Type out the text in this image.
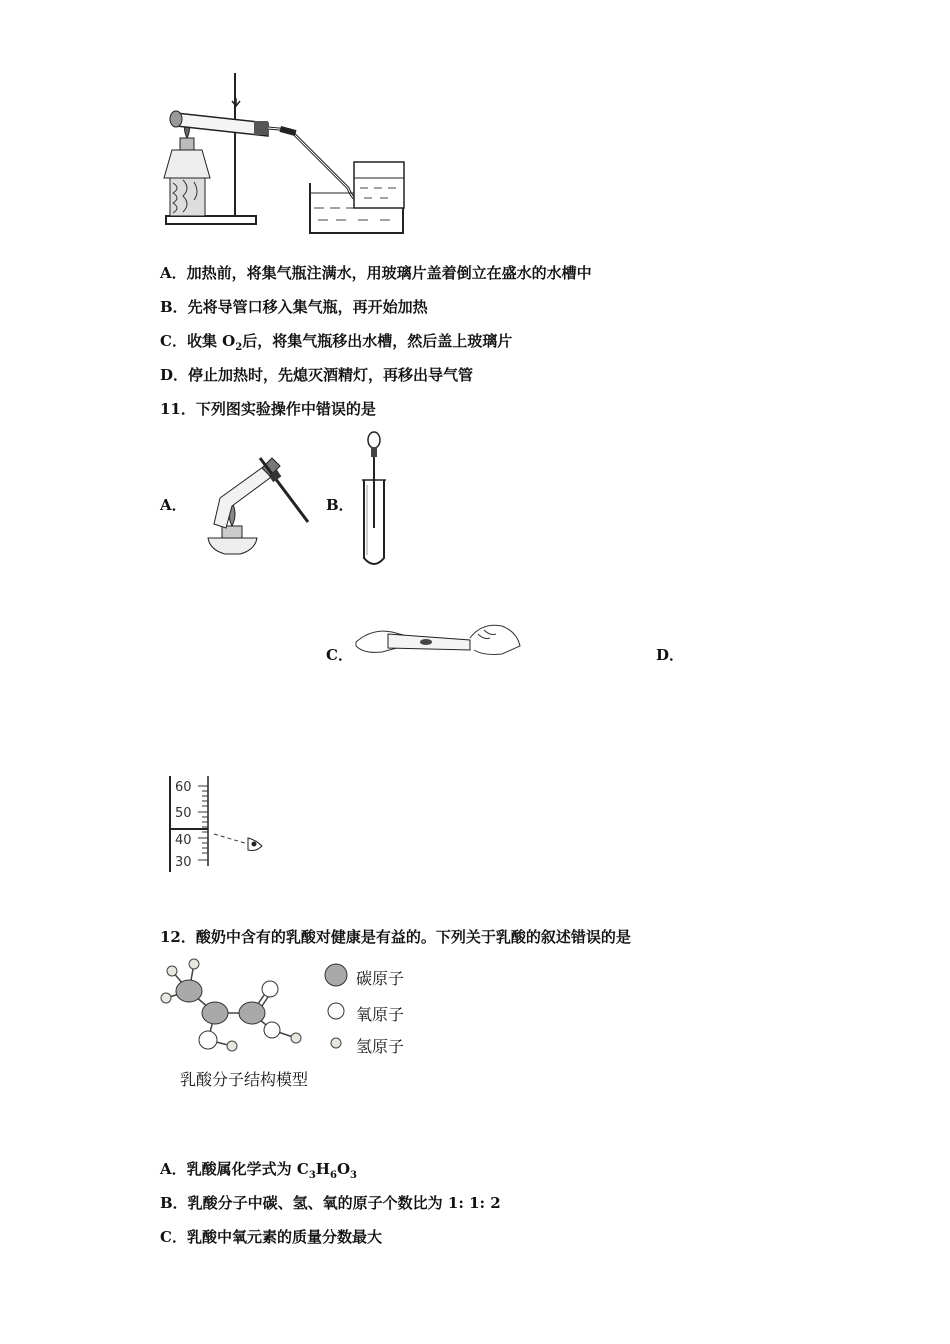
A．加热前，将集气瓶注满水，用玻璃片盖着倒立在盛水的水槽中
B．先将导管口移入集气瓶，再开始加热
C．收集 $O_2$后，将集气瓶移出水槽，然后盖上玻璃片
D．停止加热时，先熄灭酒精灯，再移出导气管
11．下列图实验操作中错误的是
A．	B．
C．	D．
60
50
40
30
12．酸奶中含有的乳酸对健康是有益的。下列关于乳酸的叙述错误的是
碳原子
氧原子
氢原子
乳酸分子结构模型
A．乳酸属化学式为 $C_3H_6O_3$
B．乳酸分子中碳、氢、氧的原子个数比为 1: 1: 2
C．乳酸中氧元素的质量分数最大
